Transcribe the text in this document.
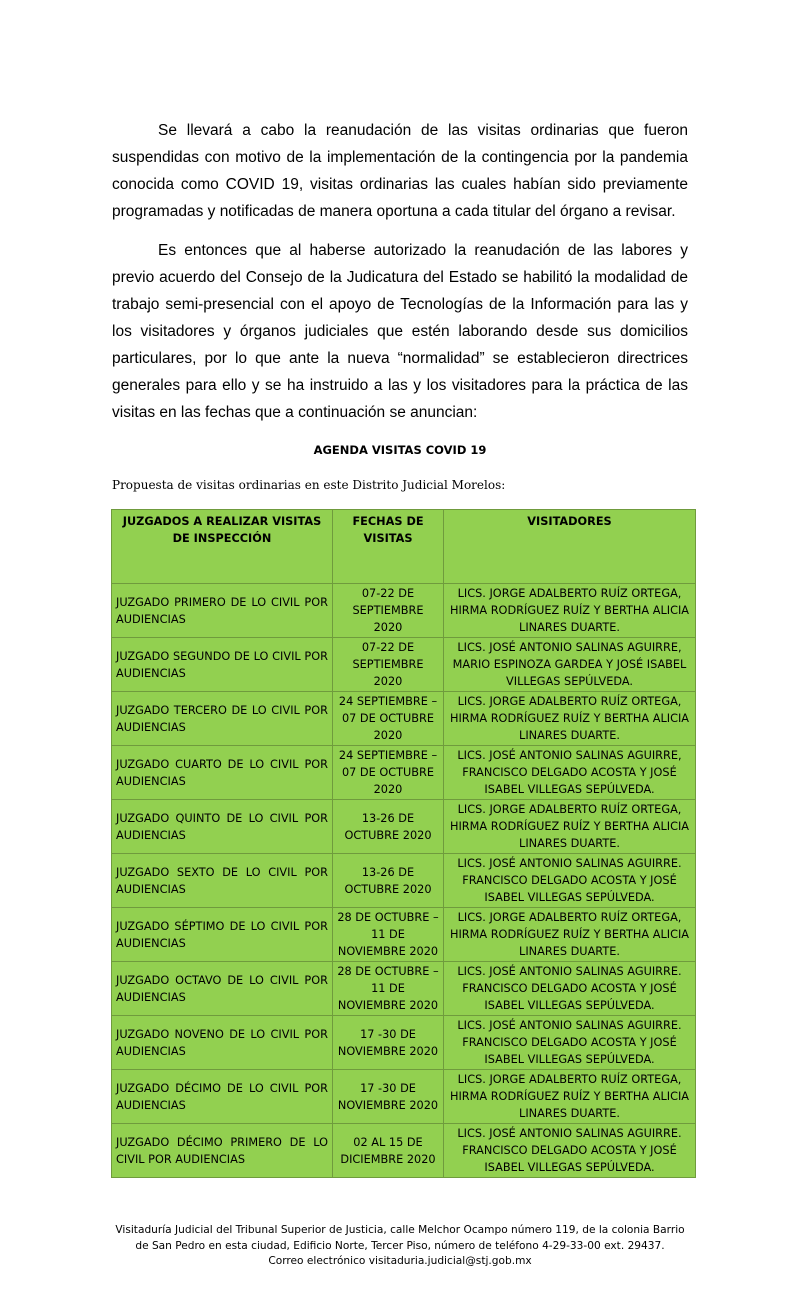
Se llevará a cabo la reanudación de las visitas ordinarias que fueron suspendidas con motivo de la implementación de la contingencia por la pandemia conocida como COVID 19, visitas ordinarias las cuales habían sido previamente programadas y notificadas de manera oportuna a cada titular del órgano a revisar.

Es entonces que al haberse autorizado la reanudación de las labores y previo acuerdo del Consejo de la Judicatura del Estado se habilitó la modalidad de trabajo semi-presencial con el apoyo de Tecnologías de la Información para las y los visitadores y órganos judiciales que estén laborando desde sus domicilios particulares, por lo que ante la nueva “normalidad” se establecieron directrices generales para ello y se ha instruido a las y los visitadores para la práctica de las visitas en las fechas que a continuación se anuncian:

AGENDA VISITAS COVID 19
Propuesta de visitas ordinarias en este Distrito Judicial Morelos:
JUZGADOS A REALIZAR VISITAS DE INSPECCIÓN	FECHAS DE VISITAS	VISITADORES
JUZGADO PRIMERO DE LO CIVIL POR AUDIENCIAS	07-22 DE SEPTIEMBRE 2020	LICS. JORGE ADALBERTO RUÍZ ORTEGA, HIRMA RODRÍGUEZ RUÍZ Y BERTHA ALICIA LINARES DUARTE.
JUZGADO SEGUNDO DE LO CIVIL POR AUDIENCIAS	07-22 DE SEPTIEMBRE 2020	LICS. JOSÉ ANTONIO SALINAS AGUIRRE, MARIO ESPINOZA GARDEA Y JOSÉ ISABEL VILLEGAS SEPÚLVEDA.
JUZGADO TERCERO DE LO CIVIL POR AUDIENCIAS	24 SEPTIEMBRE – 07 DE OCTUBRE 2020	LICS. JORGE ADALBERTO RUÍZ ORTEGA, HIRMA RODRÍGUEZ RUÍZ Y BERTHA ALICIA LINARES DUARTE.
JUZGADO CUARTO DE LO CIVIL POR AUDIENCIAS	24 SEPTIEMBRE – 07 DE OCTUBRE 2020	LICS. JOSÉ ANTONIO SALINAS AGUIRRE, FRANCISCO DELGADO ACOSTA Y JOSÉ ISABEL VILLEGAS SEPÚLVEDA.
JUZGADO QUINTO DE LO CIVIL POR AUDIENCIAS	13-26 DE OCTUBRE 2020	LICS. JORGE ADALBERTO RUÍZ ORTEGA, HIRMA RODRÍGUEZ RUÍZ Y BERTHA ALICIA LINARES DUARTE.
JUZGADO SEXTO DE LO CIVIL POR AUDIENCIAS	13-26 DE OCTUBRE 2020	LICS. JOSÉ ANTONIO SALINAS AGUIRRE. FRANCISCO DELGADO ACOSTA Y JOSÉ ISABEL VILLEGAS SEPÚLVEDA.
JUZGADO SÉPTIMO DE LO CIVIL POR AUDIENCIAS	28 DE OCTUBRE – 11 DE NOVIEMBRE 2020	LICS. JORGE ADALBERTO RUÍZ ORTEGA, HIRMA RODRÍGUEZ RUÍZ Y BERTHA ALICIA LINARES DUARTE.
JUZGADO OCTAVO DE LO CIVIL POR AUDIENCIAS	28 DE OCTUBRE – 11 DE NOVIEMBRE 2020	LICS. JOSÉ ANTONIO SALINAS AGUIRRE. FRANCISCO DELGADO ACOSTA Y JOSÉ ISABEL VILLEGAS SEPÚLVEDA.
JUZGADO NOVENO DE LO CIVIL POR AUDIENCIAS	17 -30 DE NOVIEMBRE 2020	LICS. JOSÉ ANTONIO SALINAS AGUIRRE. FRANCISCO DELGADO ACOSTA Y JOSÉ ISABEL VILLEGAS SEPÚLVEDA.
JUZGADO DÉCIMO DE LO CIVIL POR AUDIENCIAS	17 -30 DE NOVIEMBRE 2020	LICS. JORGE ADALBERTO RUÍZ ORTEGA, HIRMA RODRÍGUEZ RUÍZ Y BERTHA ALICIA LINARES DUARTE.
JUZGADO DÉCIMO PRIMERO DE LO CIVIL POR AUDIENCIAS	02 AL 15 DE DICIEMBRE 2020	LICS. JOSÉ ANTONIO SALINAS AGUIRRE. FRANCISCO DELGADO ACOSTA Y JOSÉ ISABEL VILLEGAS SEPÚLVEDA.
Visitaduría Judicial del Tribunal Superior de Justicia, calle Melchor Ocampo número 119, de la colonia Barrio
de San Pedro en esta ciudad, Edificio Norte, Tercer Piso, número de teléfono 4-29-33-00 ext. 29437.
Correo electrónico visitaduria.judicial@stj.gob.mx
